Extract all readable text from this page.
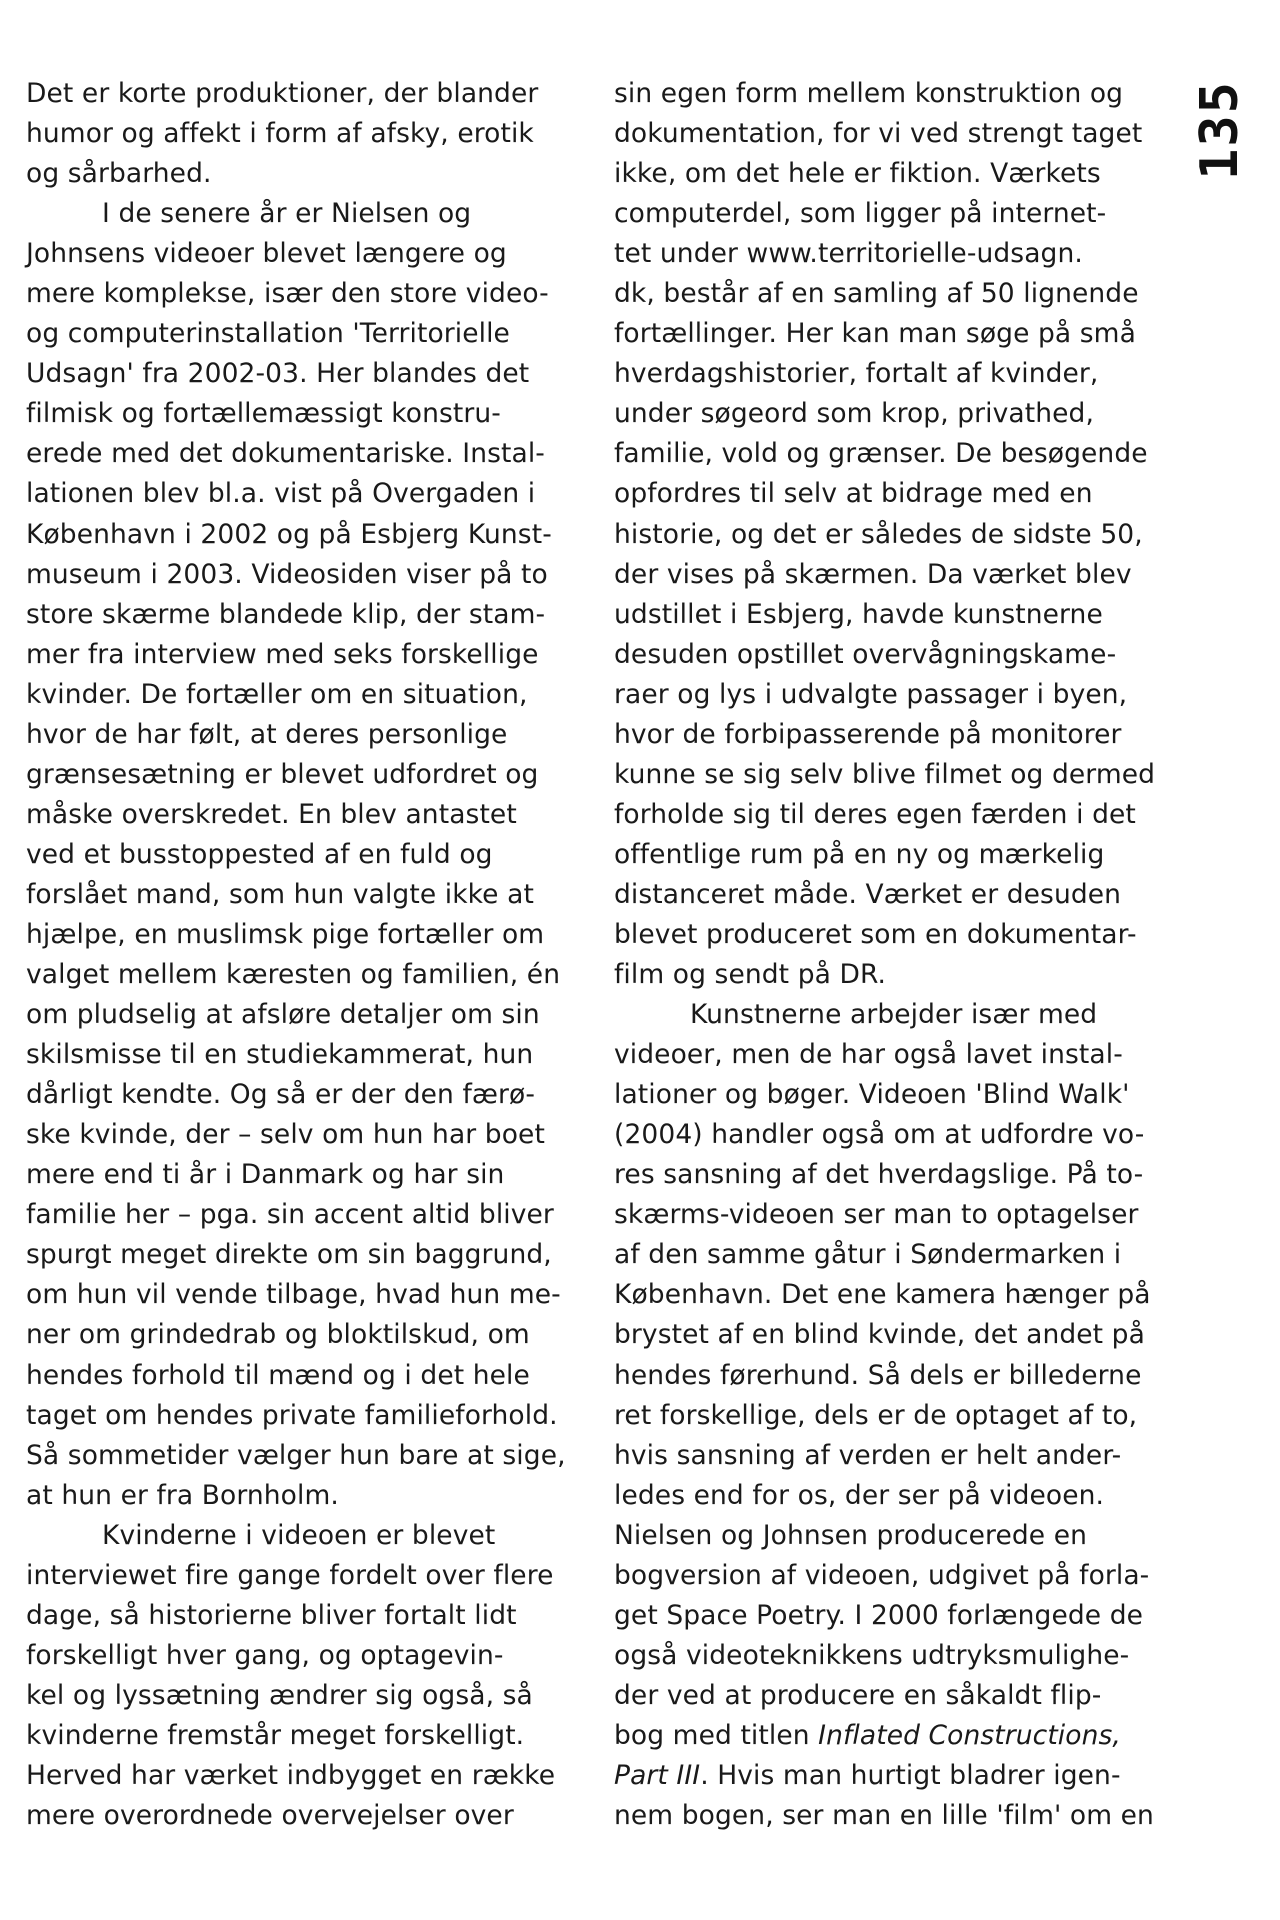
Det er korte produktioner, der blander
humor og affekt i form af afsky, erotik
og sårbarhed.
I de senere år er Nielsen og
Johnsens videoer blevet længere og
mere komplekse, især den store video-
og computerinstallation 'Territorielle
Udsagn' fra 2002-03. Her blandes det
filmisk og fortællemæssigt konstru-
erede med det dokumentariske. Instal-
lationen blev bl.a. vist på Overgaden i
København i 2002 og på Esbjerg Kunst-
museum i 2003. Videosiden viser på to
store skærme blandede klip, der stam-
mer fra interview med seks forskellige
kvinder. De fortæller om en situation,
hvor de har følt, at deres personlige
grænsesætning er blevet udfordret og
måske overskredet. En blev antastet
ved et busstoppested af en fuld og
forslået mand, som hun valgte ikke at
hjælpe, en muslimsk pige fortæller om
valget mellem kæresten og familien, én
om pludselig at afsløre detaljer om sin
skilsmisse til en studiekammerat, hun
dårligt kendte. Og så er der den færø-
ske kvinde, der – selv om hun har boet
mere end ti år i Danmark og har sin
familie her – pga. sin accent altid bliver
spurgt meget direkte om sin baggrund,
om hun vil vende tilbage, hvad hun me-
ner om grindedrab og bloktilskud, om
hendes forhold til mænd og i det hele
taget om hendes private familieforhold.
Så sommetider vælger hun bare at sige,
at hun er fra Bornholm.
Kvinderne i videoen er blevet
interviewet fire gange fordelt over flere
dage, så historierne bliver fortalt lidt
forskelligt hver gang, og optagevin-
kel og lyssætning ændrer sig også, så
kvinderne fremstår meget forskelligt.
Herved har værket indbygget en række
mere overordnede overvejelser over
sin egen form mellem konstruktion og
dokumentation, for vi ved strengt taget
ikke, om det hele er fiktion. Værkets
computerdel, som ligger på internet-
tet under www.territorielle-udsagn.
dk, består af en samling af 50 lignende
fortællinger. Her kan man søge på små
hverdagshistorier, fortalt af kvinder,
under søgeord som krop, privathed,
familie, vold og grænser. De besøgende
opfordres til selv at bidrage med en
historie, og det er således de sidste 50,
der vises på skærmen. Da værket blev
udstillet i Esbjerg, havde kunstnerne
desuden opstillet overvågningskame-
raer og lys i udvalgte passager i byen,
hvor de forbipasserende på monitorer
kunne se sig selv blive filmet og dermed
forholde sig til deres egen færden i det
offentlige rum på en ny og mærkelig
distanceret måde. Værket er desuden
blevet produceret som en dokumentar-
film og sendt på DR.
Kunstnerne arbejder især med
videoer, men de har også lavet instal-
lationer og bøger. Videoen 'Blind Walk'
(2004) handler også om at udfordre vo-
res sansning af det hverdagslige. På to-
skærms-videoen ser man to optagelser
af den samme gåtur i Søndermarken i
København. Det ene kamera hænger på
brystet af en blind kvinde, det andet på
hendes førerhund. Så dels er billederne
ret forskellige, dels er de optaget af to,
hvis sansning af verden er helt ander-
ledes end for os, der ser på videoen.
Nielsen og Johnsen producerede en
bogversion af videoen, udgivet på forla-
get Space Poetry. I 2000 forlængede de
også videoteknikkens udtryksmulighe-
der ved at producere en såkaldt flip-
bog med titlen Inflated Constructions,
Part III. Hvis man hurtigt bladrer igen-
nem bogen, ser man en lille 'film' om en
135
